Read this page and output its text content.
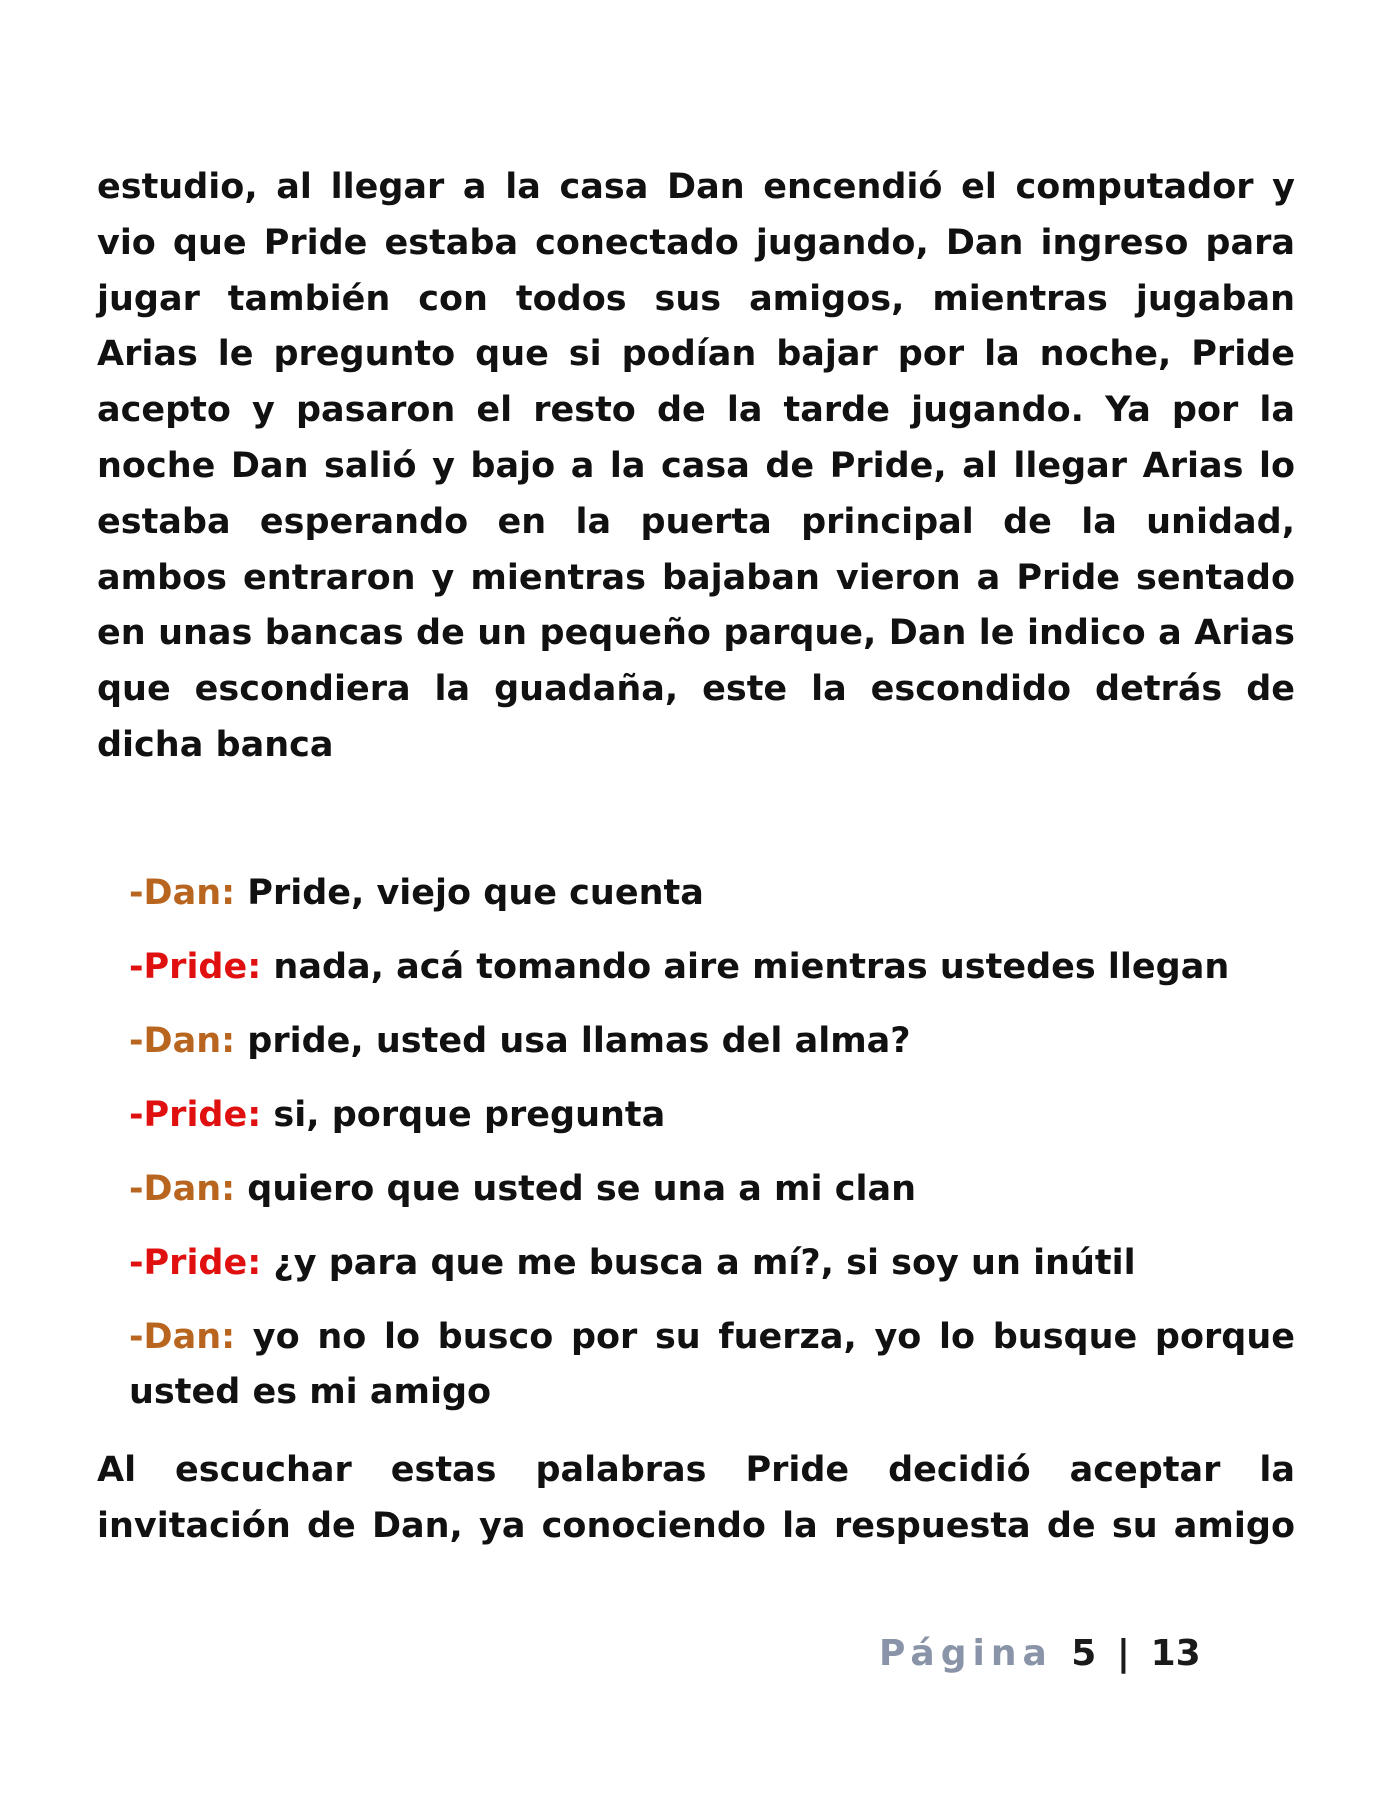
estudio, al llegar a la casa Dan encendió el computador y vio que Pride estaba conectado jugando, Dan ingreso para jugar también con todos sus amigos, mientras jugaban Arias le pregunto que si podían bajar por la noche, Pride acepto y pasaron el resto de la tarde jugando. Ya por la noche Dan salió y bajo a la casa de Pride, al llegar Arias lo estaba esperando en la puerta principal de la unidad, ambos entraron y mientras bajaban vieron a Pride sentado en unas bancas de un pequeño parque, Dan le indico a Arias que escondiera la guadaña, este la escondido detrás de dicha banca

-Dan: Pride, viejo que cuenta
-Pride: nada, acá tomando aire mientras ustedes llegan
-Dan: pride, usted usa llamas del alma?
-Pride: si, porque pregunta
-Dan: quiero que usted se una a mi clan
-Pride: ¿y para que me busca a mí?, si soy un inútil
-Dan: yo no lo busco por su fuerza, yo lo busque porque usted es mi amigo

Al escuchar estas palabras Pride decidió aceptar la invitación de Dan, ya conociendo la respuesta de su amigo

Página 5 | 13
